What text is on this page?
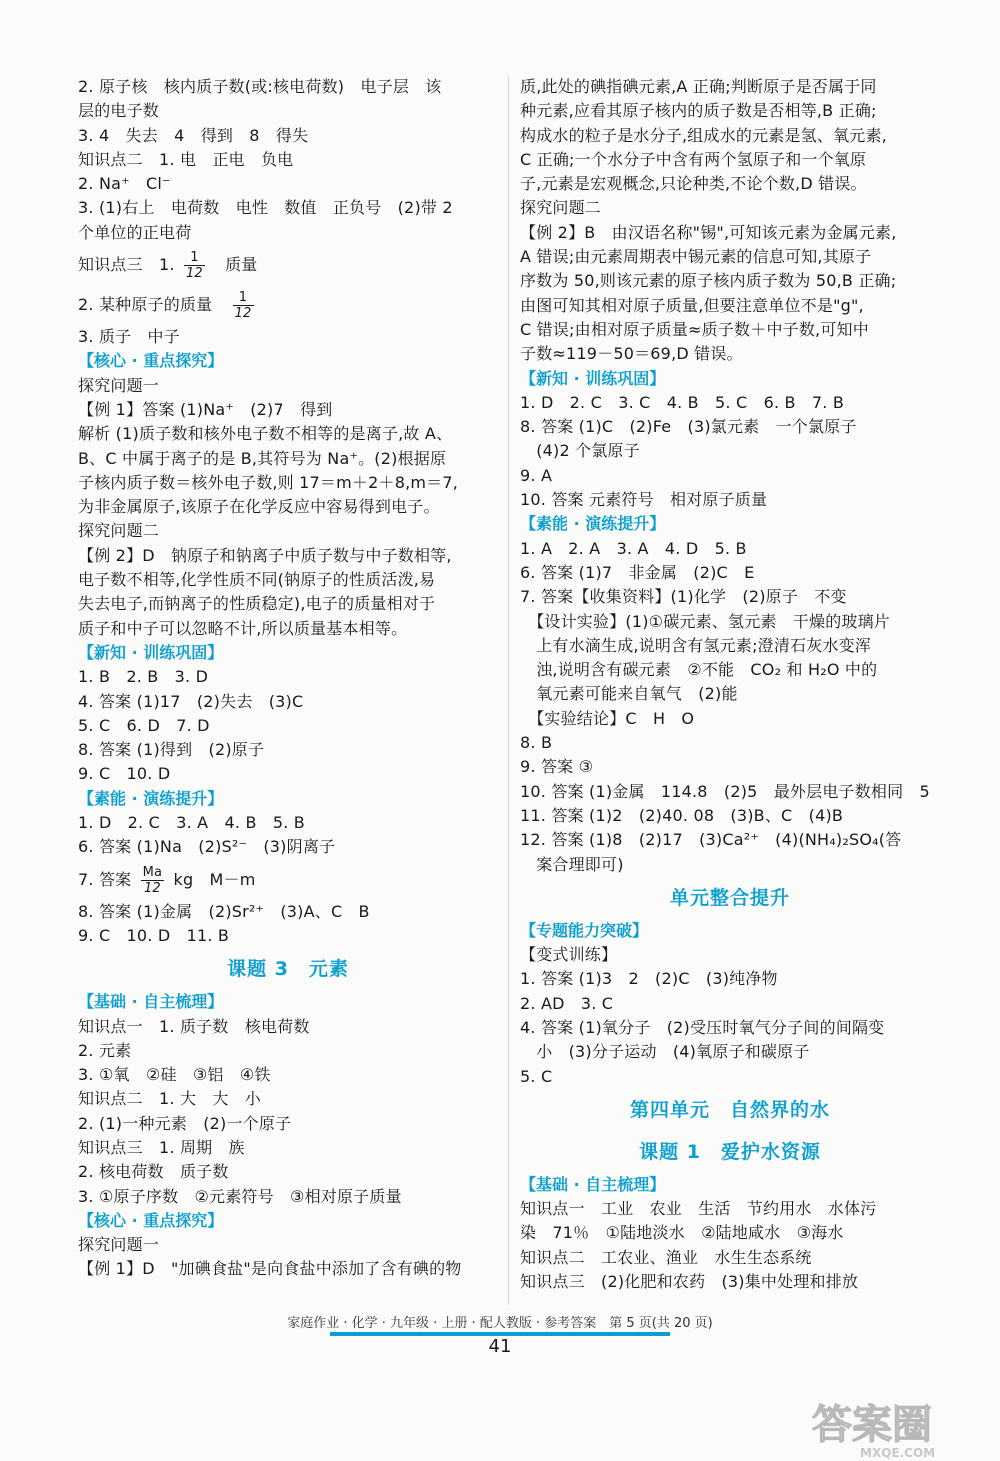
2. 原子核　核内质子数(或:核电荷数)　电子层　该
层的电子数
3. 4　失去　4　得到　8　得失
知识点二　1. 电　正电　负电
2. Na⁺　Cl⁻
3. (1)右上　电荷数　电性　数值　正负号　(2)带 2
个单位的正电荷
知识点三　1. $\frac{1}{12}$ 　质量
2. 某种原子的质量　 $\frac{1}{12}$
3. 质子　中子
【核心 · 重点探究】
探究问题一
【例 1】答案 (1)Na⁺　(2)7　得到
解析 (1)质子数和核外电子数不相等的是离子,故 A、
B、C 中属于离子的是 B,其符号为 Na⁺。(2)根据原
子核内质子数＝核外电子数,则 17＝m＋2＋8,m＝7,
为非金属原子,该原子在化学反应中容易得到电子。
探究问题二
【例 2】D　钠原子和钠离子中质子数与中子数相等,
电子数不相等,化学性质不同(钠原子的性质活泼,易
失去电子,而钠离子的性质稳定),电子的质量相对于
质子和中子可以忽略不计,所以质量基本相等。
【新知 · 训练巩固】
1. B　2. B　3. D
4. 答案 (1)17　(2)失去　(3)C
5. C　6. D　7. D
8. 答案 (1)得到　(2)原子
9. C　10. D
【素能 · 演练提升】
1. D　2. C　3. A　4. B　5. B
6. 答案 (1)Na　(2)S²⁻　(3)阴离子
7. 答案 $\frac{Ma}{12}$ kg　M－m
8. 答案 (1)金属　(2)Sr²⁺　(3)A、C　B
9. C　10. D　11. B
课题 3　元素
【基础 · 自主梳理】
知识点一　1. 质子数　核电荷数
2. 元素
3. ①氧　②硅　③铝　④铁
知识点二　1. 大　大　小
2. (1)一种元素　(2)一个原子
知识点三　1. 周期　族
2. 核电荷数　质子数
3. ①原子序数　②元素符号　③相对原子质量
【核心 · 重点探究】
探究问题一
【例 1】D　"加碘食盐"是向食盐中添加了含有碘的物
质,此处的碘指碘元素,A 正确;判断原子是否属于同
种元素,应看其原子核内的质子数是否相等,B 正确;
构成水的粒子是水分子,组成水的元素是氢、氧元素,
C 正确;一个水分子中含有两个氢原子和一个氧原
子,元素是宏观概念,只论种类,不论个数,D 错误。
探究问题二
【例 2】B　由汉语名称"锡",可知该元素为金属元素,
A 错误;由元素周期表中锡元素的信息可知,其原子
序数为 50,则该元素的原子核内质子数为 50,B 正确;
由图可知其相对原子质量,但要注意单位不是"g",
C 错误;由相对原子质量≈质子数＋中子数,可知中
子数≈119－50＝69,D 错误。
【新知 · 训练巩固】
1. D　2. C　3. C　4. B　5. C　6. B　7. B
8. 答案 (1)C　(2)Fe　(3)氯元素　一个氯原子
　(4)2 个氯原子
9. A
10. 答案 元素符号　相对原子质量
【素能 · 演练提升】
1. A　2. A　3. A　4. D　5. B
6. 答案 (1)7　非金属　(2)C　E
7. 答案【收集资料】(1)化学　(2)原子　不变
　【设计实验】(1)①碳元素、氢元素　干燥的玻璃片
　上有水滴生成,说明含有氢元素;澄清石灰水变浑
　浊,说明含有碳元素　②不能　CO₂ 和 H₂O 中的
　氧元素可能来自氧气　(2)能
　【实验结论】C　H　O
8. B
9. 答案 ③
10. 答案 (1)金属　114.8　(2)5　最外层电子数相同　5
11. 答案 (1)2　(2)40. 08　(3)B、C　(4)B
12. 答案 (1)8　(2)17　(3)Ca²⁺　(4)(NH₄)₂SO₄(答
　案合理即可)
单元整合提升
【专题能力突破】
【变式训练】
1. 答案 (1)3　2　(2)C　(3)纯净物
2. AD　3. C
4. 答案 (1)氧分子　(2)受压时氧气分子间的间隔变
　小　(3)分子运动　(4)氧原子和碳原子
5. C
第四单元　自然界的水
课题 1　爱护水资源
【基础 · 自主梳理】
知识点一　工业　农业　生活　节约用水　水体污
染　71％　①陆地淡水　②陆地咸水　③海水
知识点二　工农业、渔业　水生生态系统
知识点三　(2)化肥和农药　(3)集中处理和排放
家庭作业 · 化学 · 九年级 · 上册 · 配人教版 · 参考答案　第 5 页(共 20 页)
41
答案圈
MXQE.COM
